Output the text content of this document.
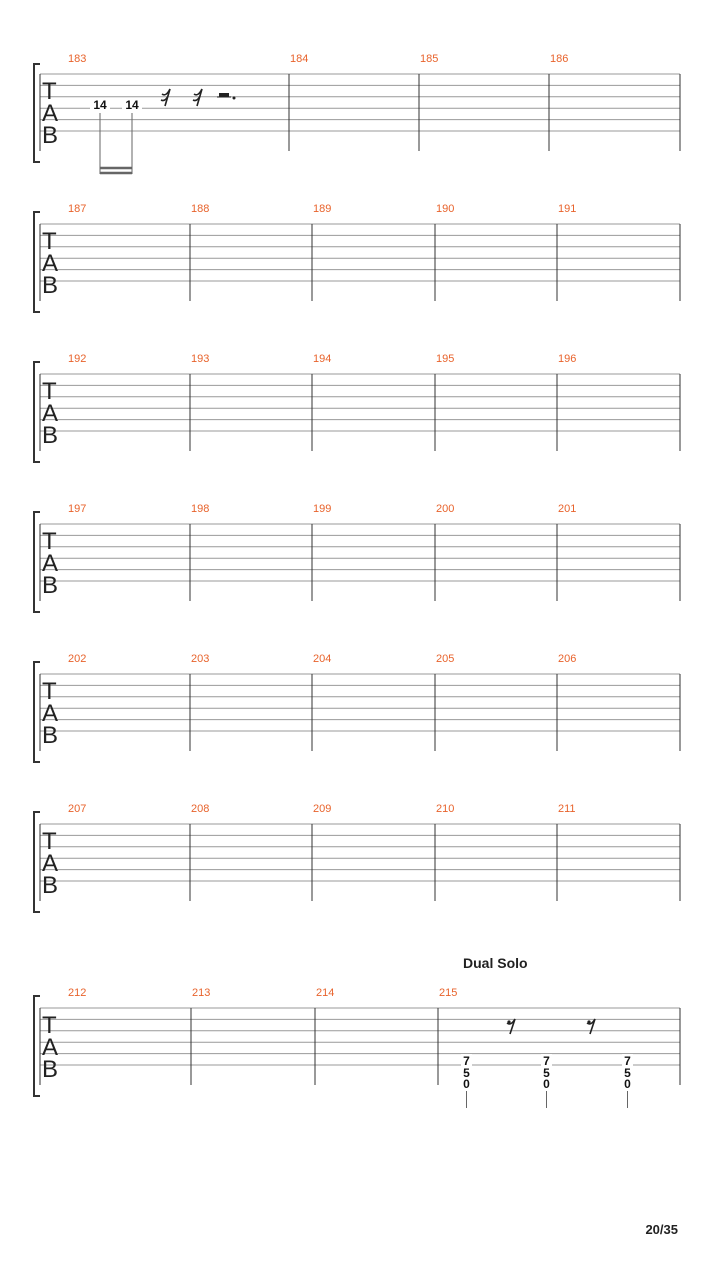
T
A
B
183	184	185	186
14 14
T
A
B
187	188	189	190	191
T
A
B
192	193	194	195	196
T
A
B
197	198	199	200	201
T
A
B
202	203	204	205	206
T
A
B
207	208	209	210	211
Dual Solo
T
A
B
212	213	214	215
7
5
0
7
5
0
7
5
0
20/35
